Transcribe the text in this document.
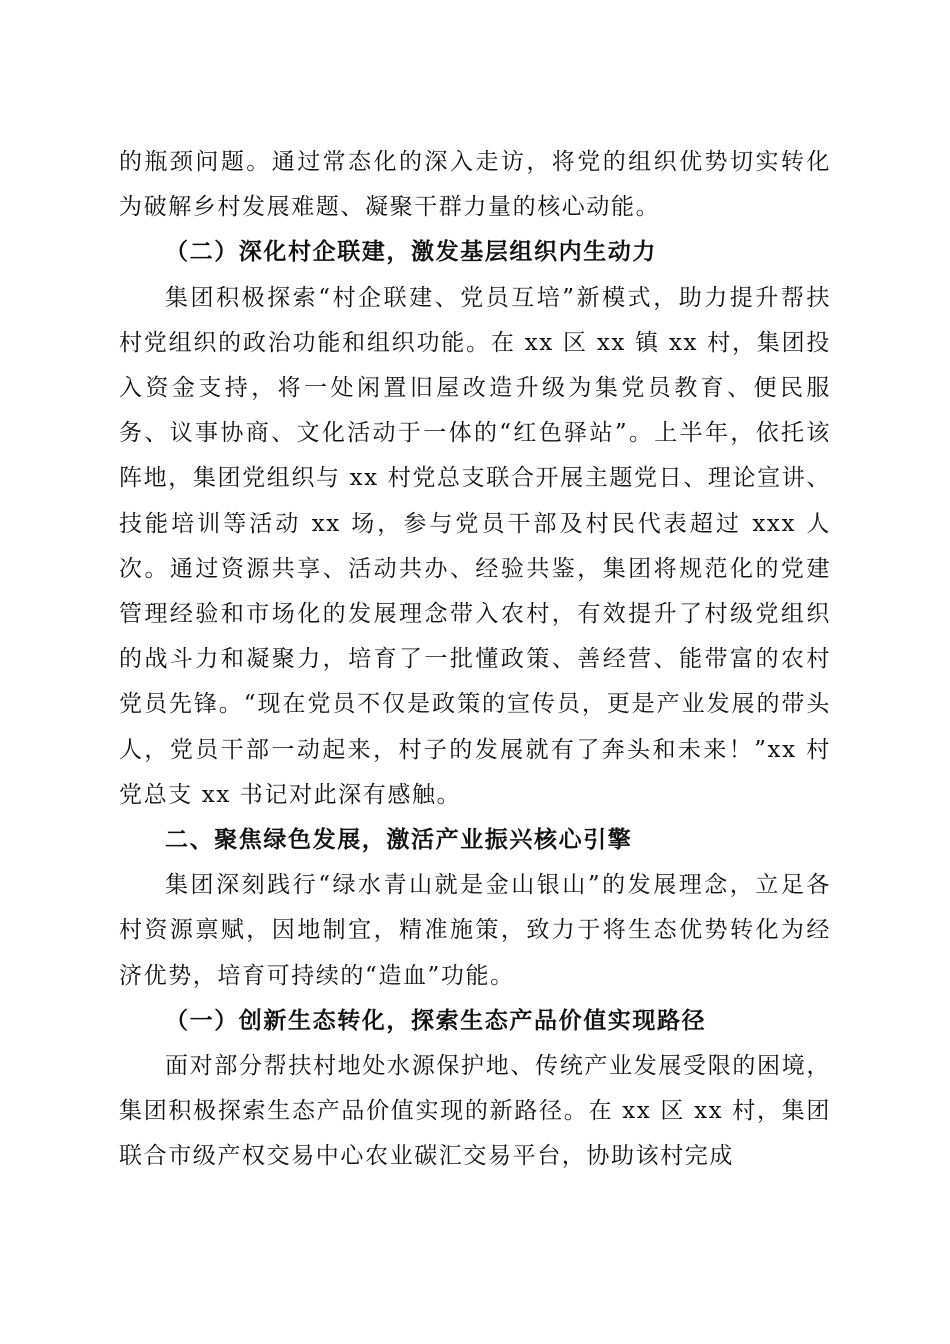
的瓶颈问题。通过常态化的深入走访，将党的组织优势切实转化为破解乡村发展难题、凝聚干群力量的核心动能。

（二）深化村企联建，激发基层组织内生动力

集团积极探索“村企联建、党员互培”新模式，助力提升帮扶村党组织的政治功能和组织功能。在 xx 区 xx 镇 xx 村，集团投入资金支持，将一处闲置旧屋改造升级为集党员教育、便民服务、议事协商、文化活动于一体的“红色驿站”。上半年，依托该阵地，集团党组织与 xx 村党总支联合开展主题党日、理论宣讲、技能培训等活动 xx 场，参与党员干部及村民代表超过 xxx 人次。通过资源共享、活动共办、经验共鉴，集团将规范化的党建管理经验和市场化的发展理念带入农村，有效提升了村级党组织的战斗力和凝聚力，培育了一批懂政策、善经营、能带富的农村党员先锋。“现在党员不仅是政策的宣传员，更是产业发展的带头人，党员干部一动起来，村子的发展就有了奔头和未来！”xx 村党总支 xx 书记对此深有感触。

二、聚焦绿色发展，激活产业振兴核心引擎

集团深刻践行“绿水青山就是金山银山”的发展理念，立足各村资源禀赋，因地制宜，精准施策，致力于将生态优势转化为经济优势，培育可持续的“造血”功能。

（一）创新生态转化，探索生态产品价值实现路径

面对部分帮扶村地处水源保护地、传统产业发展受限的困境，集团积极探索生态产品价值实现的新路径。在 xx 区 xx 村，集团联合市级产权交易中心农业碳汇交易平台，协助该村完成
